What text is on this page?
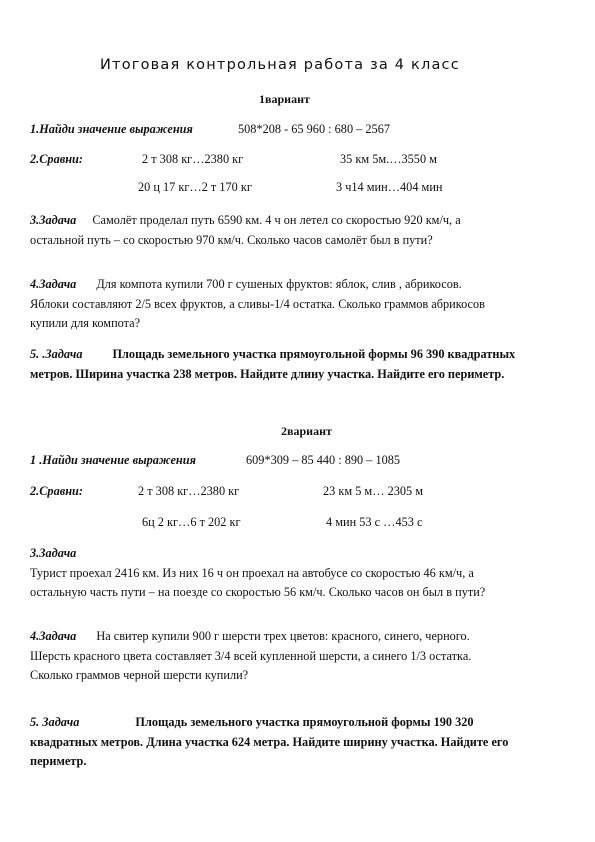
Итоговая контрольная работа за 4 класс
1вариант
1.Найди значение выражения	508*208 - 65 960 : 680 – 2567
2.Сравни:	2 т 308 кг…2380 кг	35 км 5м.…3550 м
20 ц 17 кг…2 т 170 кг	3 ч14 мин…404 мин
3.Задача Самолёт проделал путь 6590 км. 4 ч он летел со скоростью 920 км/ч, а
остальной путь – со скоростью 970 км/ч. Сколько часов самолёт был в пути?
4.Задача Для компота купили 700 г сушеных фруктов: яблок, слив , абрикосов.
Яблоки составляют 2/5 всех фруктов, а сливы-1/4 остатка. Сколько граммов абрикосов
купили для компота?
5. .Задача Площадь земельного участка прямоугольной формы 96 390 квадратных
метров. Ширина участка 238 метров. Найдите длину участка. Найдите его периметр.
2вариант
1 .Найди значение выражения	609*309 – 85 440 : 890 – 1085
2.Сравни:	2 т 308 кг…2380 кг	23 км 5 м… 2305 м
6ц 2 кг…6 т 202 кг	4 мин 53 с …453 с
3.Задача
Турист проехал 2416 км. Из них 16 ч он проехал на автобусе со скоростью 46 км/ч, а
остальную часть пути – на поезде со скоростью 56 км/ч. Сколько часов он был в пути?
4.Задача На свитер купили 900 г шерсти трех цветов: красного, синего, черного.
Шерсть красного цвета составляет 3/4 всей купленной шерсти, а синего 1/3 остатка.
Сколько граммов черной шерсти купили?
5. Задача	Площадь земельного участка прямоугольной формы 190 320
квадратных метров. Длина участка 624 метра. Найдите ширину участка. Найдите его
периметр.
